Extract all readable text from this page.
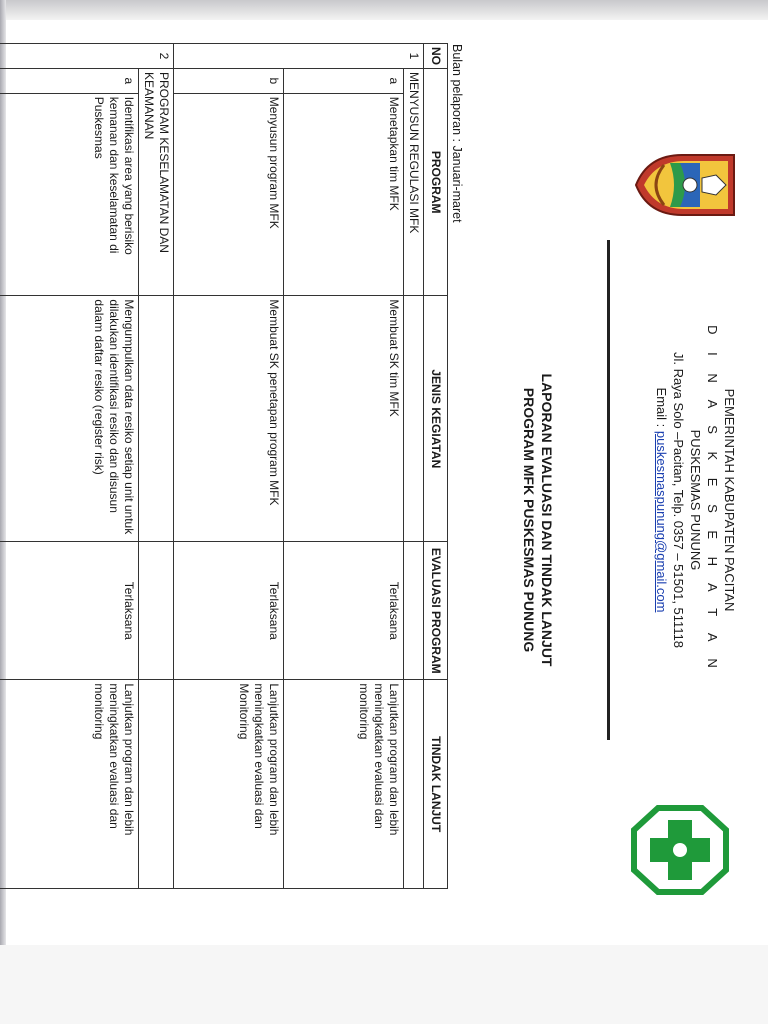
PEMERINTAH KABUPATEN PACITAN
D I N A S K E S E H A T A N
PUSKESMAS PUNUNG
Jl. Raya Solo –Pacitan, Telp. 0357 – 51501, 511118
Email : puskesmaspunung@gmail.com
LAPORAN EVALUASI DAN TINDAK LANJUT
PROGRAM MFK PUSKESMAS PUNUNG
Bulan pelaporan : Januari-maret
NO	PROGRAM		JENIS KEGIATAN	EVALUASI PROGRAM	TINDAK LANJUT
1	MENYUSUN REGULASI MFK				
	a	Menetapkan tim MFK	Membuat SK tim MFK	Terlaksana	Lanjutkan program dan lebih meningkatkan evaluasi dan monitoring
	b	Menyusun program MFK	Membuat SK penetapan program MFK	Terlaksana	Lanjutkan program dan lebih meningkatkan evaluasi dan Monitoring
2	PROGRAM KESELAMATAN DAN KEAMANAN				
	a	Identifikasi area yang berisiko kemanan dan keselamatan di Puskesmas	Mengumpulkan data resiko setiap unit untuk dilakukan identifikasi resiko dan disusun dalam daftar resiko (register risk)	Terlaksana	Lanjutkan program dan lebih meningkatkan evaluasi dan monitoring
